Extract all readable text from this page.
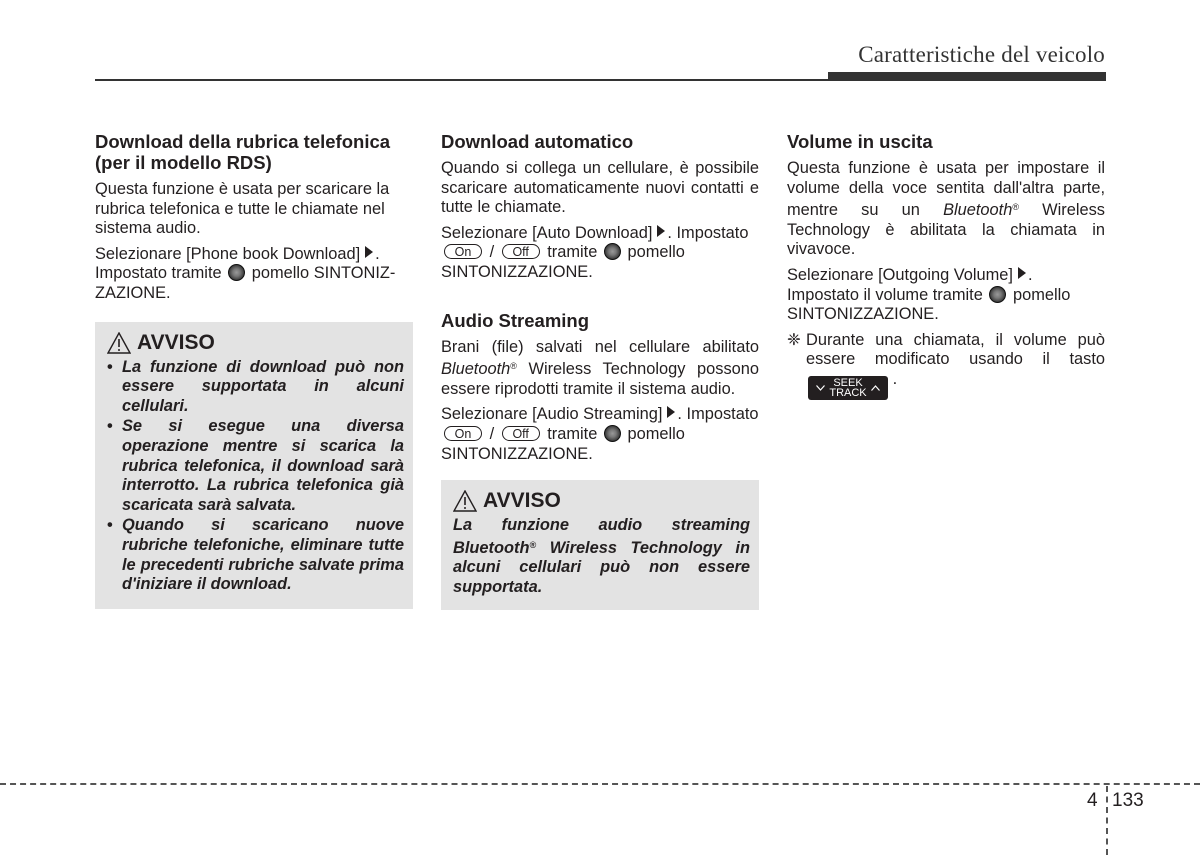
Caratteristiche del veicolo
Download della rubrica telefonica
(per il modello RDS)

Questa funzione è usata per scaricare la rubrica telefonica e tutte le chiamate nel sistema audio.

Selezionare [Phone book Download] .
Impostato tramite pomello SINTONIZ-ZAZIONE.

AVVISO
• La funzione di download può non essere supportata in alcuni cellulari.
• Se si esegue una diversa operazione mentre si scarica la rubrica telefonica, il download sarà interrotto. La rubrica telefonica già scaricata sarà salvata.
• Quando si scaricano nuove rubriche telefoniche, eliminare tutte le precedenti rubriche salvate prima d'iniziare il download.
Download automatico

Quando si collega un cellulare, è possibile scaricare automaticamente nuovi contatti e tutte le chiamate.

Selezionare [Auto Download] . Impostato On / Off tramite pomello SINTONIZZAZIONE.

Audio Streaming

Brani (file) salvati nel cellulare abilitato Bluetooth® Wireless Technology possono essere riprodotti tramite il sistema audio.

Selezionare [Audio Streaming] . Impostato On / Off tramite pomello SINTONIZZAZIONE.

AVVISO

La funzione audio streaming Bluetooth® Wireless Technology in alcuni cellulari può non essere supportata.

Volume in uscita

Questa funzione è usata per impostare il volume della voce sentita dall'altra parte, mentre su un Bluetooth® Wireless Technology è abilitata la chiamata in vivavoce.

Selezionare [Outgoing Volume] . Impostato il volume tramite pomello SINTONIZZAZIONE.

❈ Durante una chiamata, il volume può essere modificato usando il tasto
SEEK
TRACK
.

4 133
